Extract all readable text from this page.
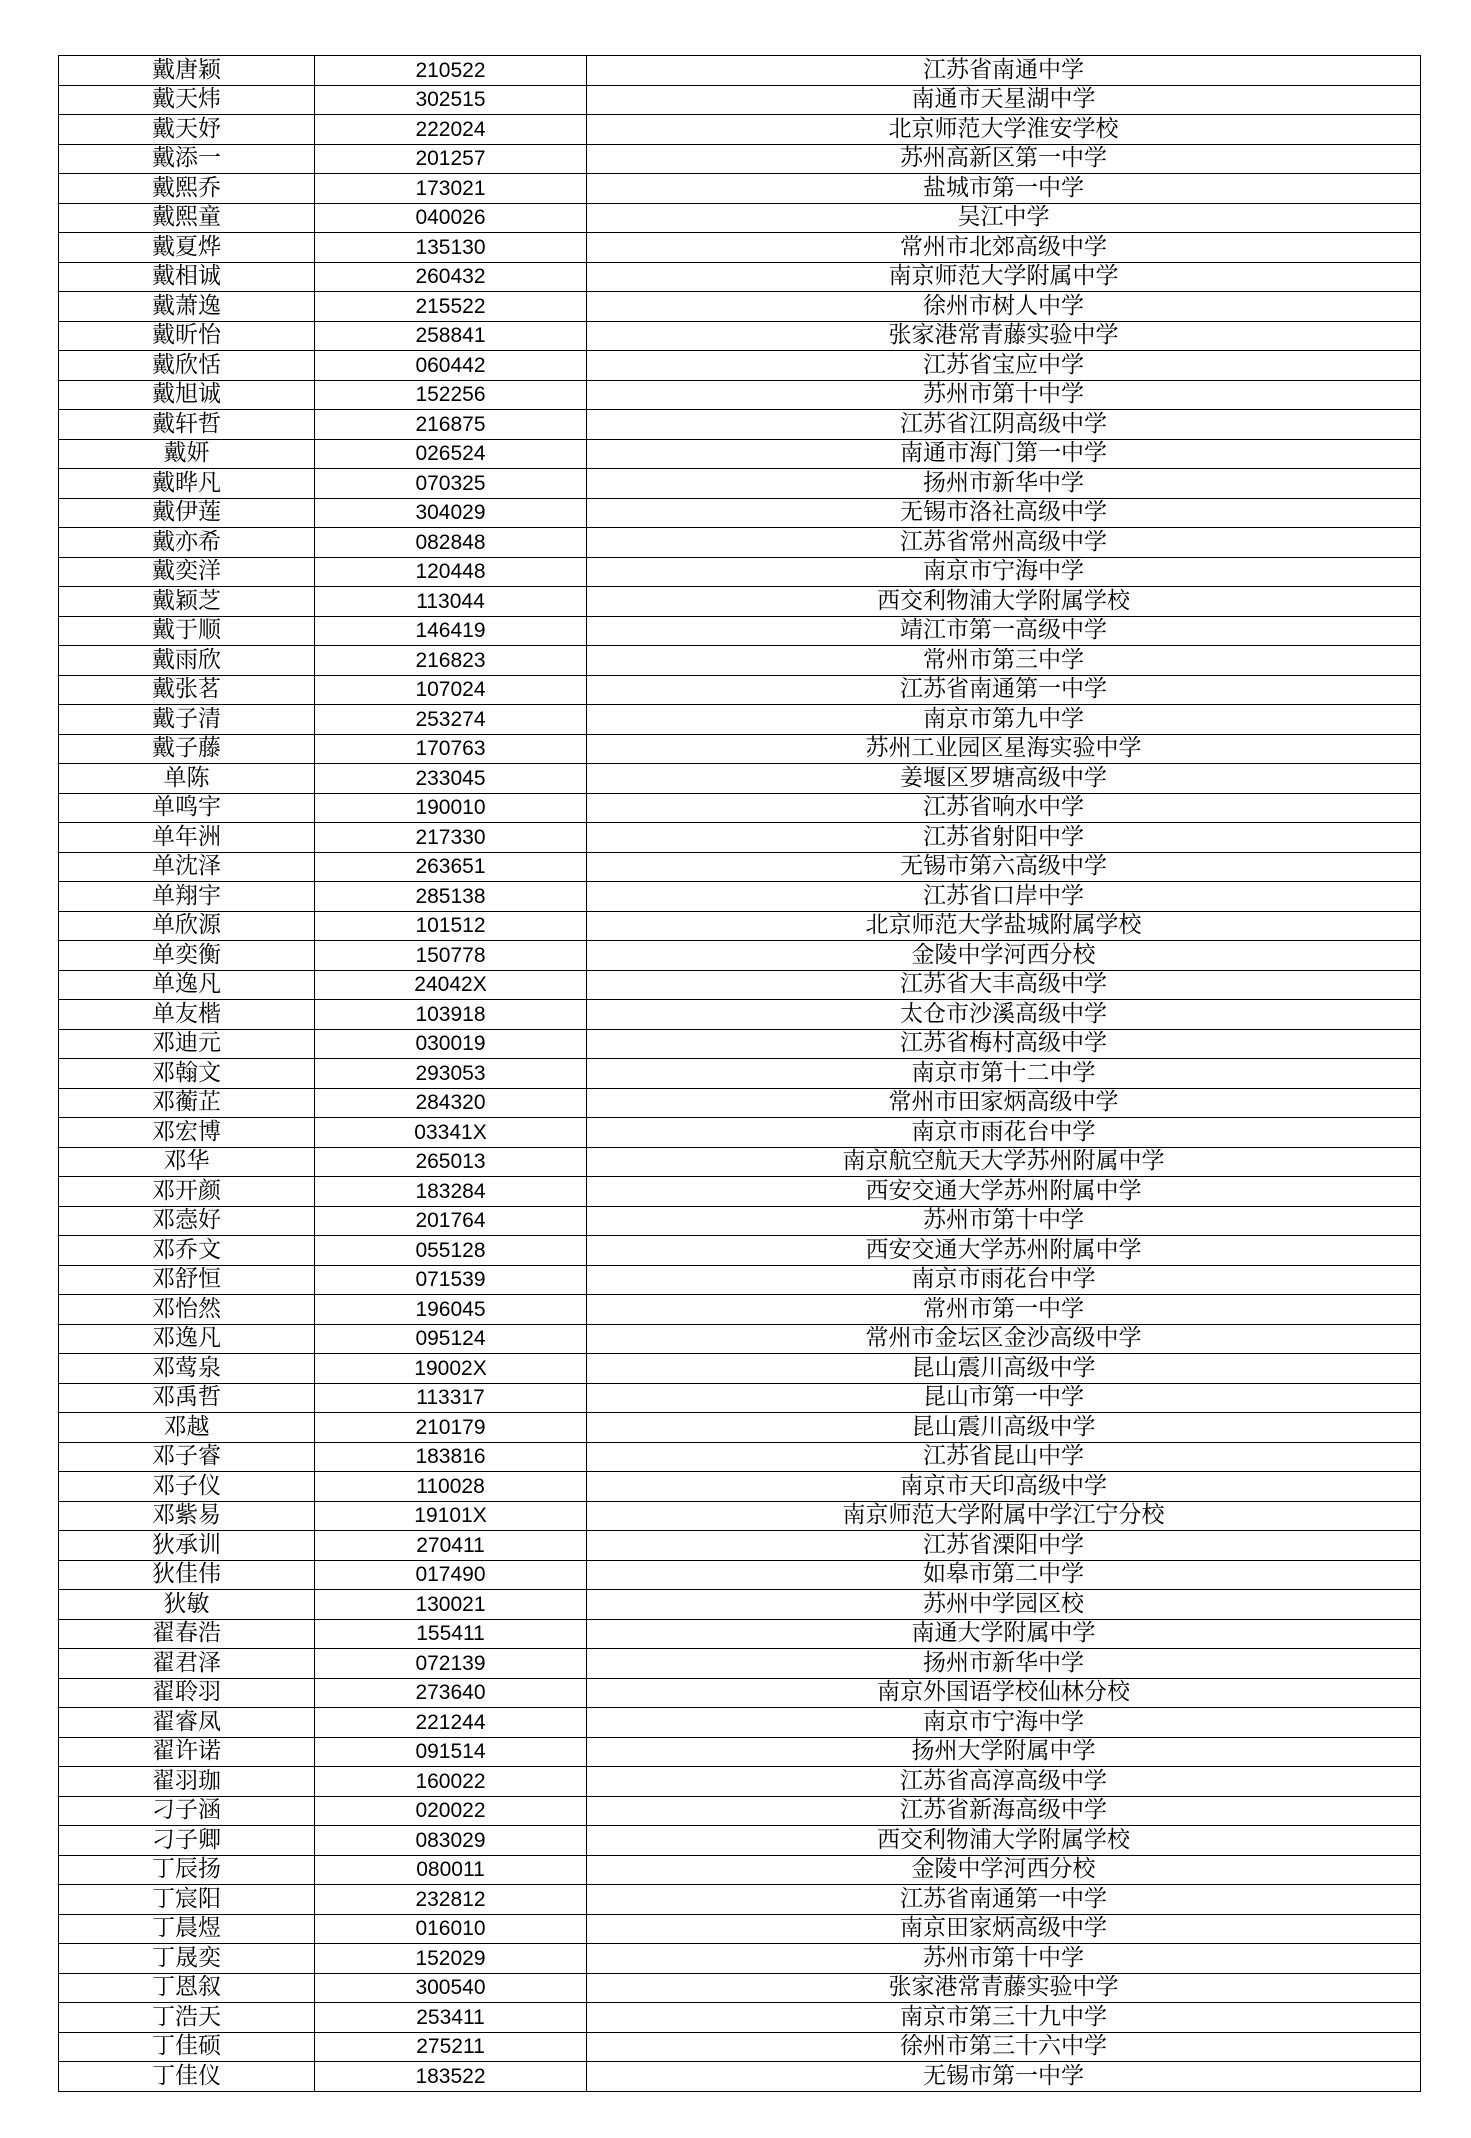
戴唐颖	210522	江苏省南通中学
戴天炜	302515	南通市天星湖中学
戴天妤	222024	北京师范大学淮安学校
戴添一	201257	苏州高新区第一中学
戴熙乔	173021	盐城市第一中学
戴熙童	040026	吴江中学
戴夏烨	135130	常州市北郊高级中学
戴相诚	260432	南京师范大学附属中学
戴萧逸	215522	徐州市树人中学
戴昕怡	258841	张家港常青藤实验中学
戴欣恬	060442	江苏省宝应中学
戴旭诚	152256	苏州市第十中学
戴轩哲	216875	江苏省江阴高级中学
戴妍	026524	南通市海门第一中学
戴晔凡	070325	扬州市新华中学
戴伊莲	304029	无锡市洛社高级中学
戴亦希	082848	江苏省常州高级中学
戴奕洋	120448	南京市宁海中学
戴颖芝	113044	西交利物浦大学附属学校
戴于顺	146419	靖江市第一高级中学
戴雨欣	216823	常州市第三中学
戴张茗	107024	江苏省南通第一中学
戴子清	253274	南京市第九中学
戴子藤	170763	苏州工业园区星海实验中学
单陈	233045	姜堰区罗塘高级中学
单鸣宇	190010	江苏省响水中学
单年洲	217330	江苏省射阳中学
单沈泽	263651	无锡市第六高级中学
单翔宇	285138	江苏省口岸中学
单欣源	101512	北京师范大学盐城附属学校
单奕衡	150778	金陵中学河西分校
单逸凡	24042X	江苏省大丰高级中学
单友楷	103918	太仓市沙溪高级中学
邓迪元	030019	江苏省梅村高级中学
邓翰文	293053	南京市第十二中学
邓蘅芷	284320	常州市田家炳高级中学
邓宏博	03341X	南京市雨花台中学
邓华	265013	南京航空航天大学苏州附属中学
邓开颜	183284	西安交通大学苏州附属中学
邓悫好	201764	苏州市第十中学
邓乔文	055128	西安交通大学苏州附属中学
邓舒恒	071539	南京市雨花台中学
邓怡然	196045	常州市第一中学
邓逸凡	095124	常州市金坛区金沙高级中学
邓莺泉	19002X	昆山震川高级中学
邓禹哲	113317	昆山市第一中学
邓越	210179	昆山震川高级中学
邓子睿	183816	江苏省昆山中学
邓子仪	110028	南京市天印高级中学
邓紫易	19101X	南京师范大学附属中学江宁分校
狄承训	270411	江苏省溧阳中学
狄佳伟	017490	如皋市第二中学
狄敏	130021	苏州中学园区校
翟春浩	155411	南通大学附属中学
翟君泽	072139	扬州市新华中学
翟聆羽	273640	南京外国语学校仙林分校
翟睿凤	221244	南京市宁海中学
翟许诺	091514	扬州大学附属中学
翟羽珈	160022	江苏省高淳高级中学
刁子涵	020022	江苏省新海高级中学
刁子卿	083029	西交利物浦大学附属学校
丁辰扬	080011	金陵中学河西分校
丁宸阳	232812	江苏省南通第一中学
丁晨煜	016010	南京田家炳高级中学
丁晟奕	152029	苏州市第十中学
丁恩叙	300540	张家港常青藤实验中学
丁浩天	253411	南京市第三十九中学
丁佳硕	275211	徐州市第三十六中学
丁佳仪	183522	无锡市第一中学
